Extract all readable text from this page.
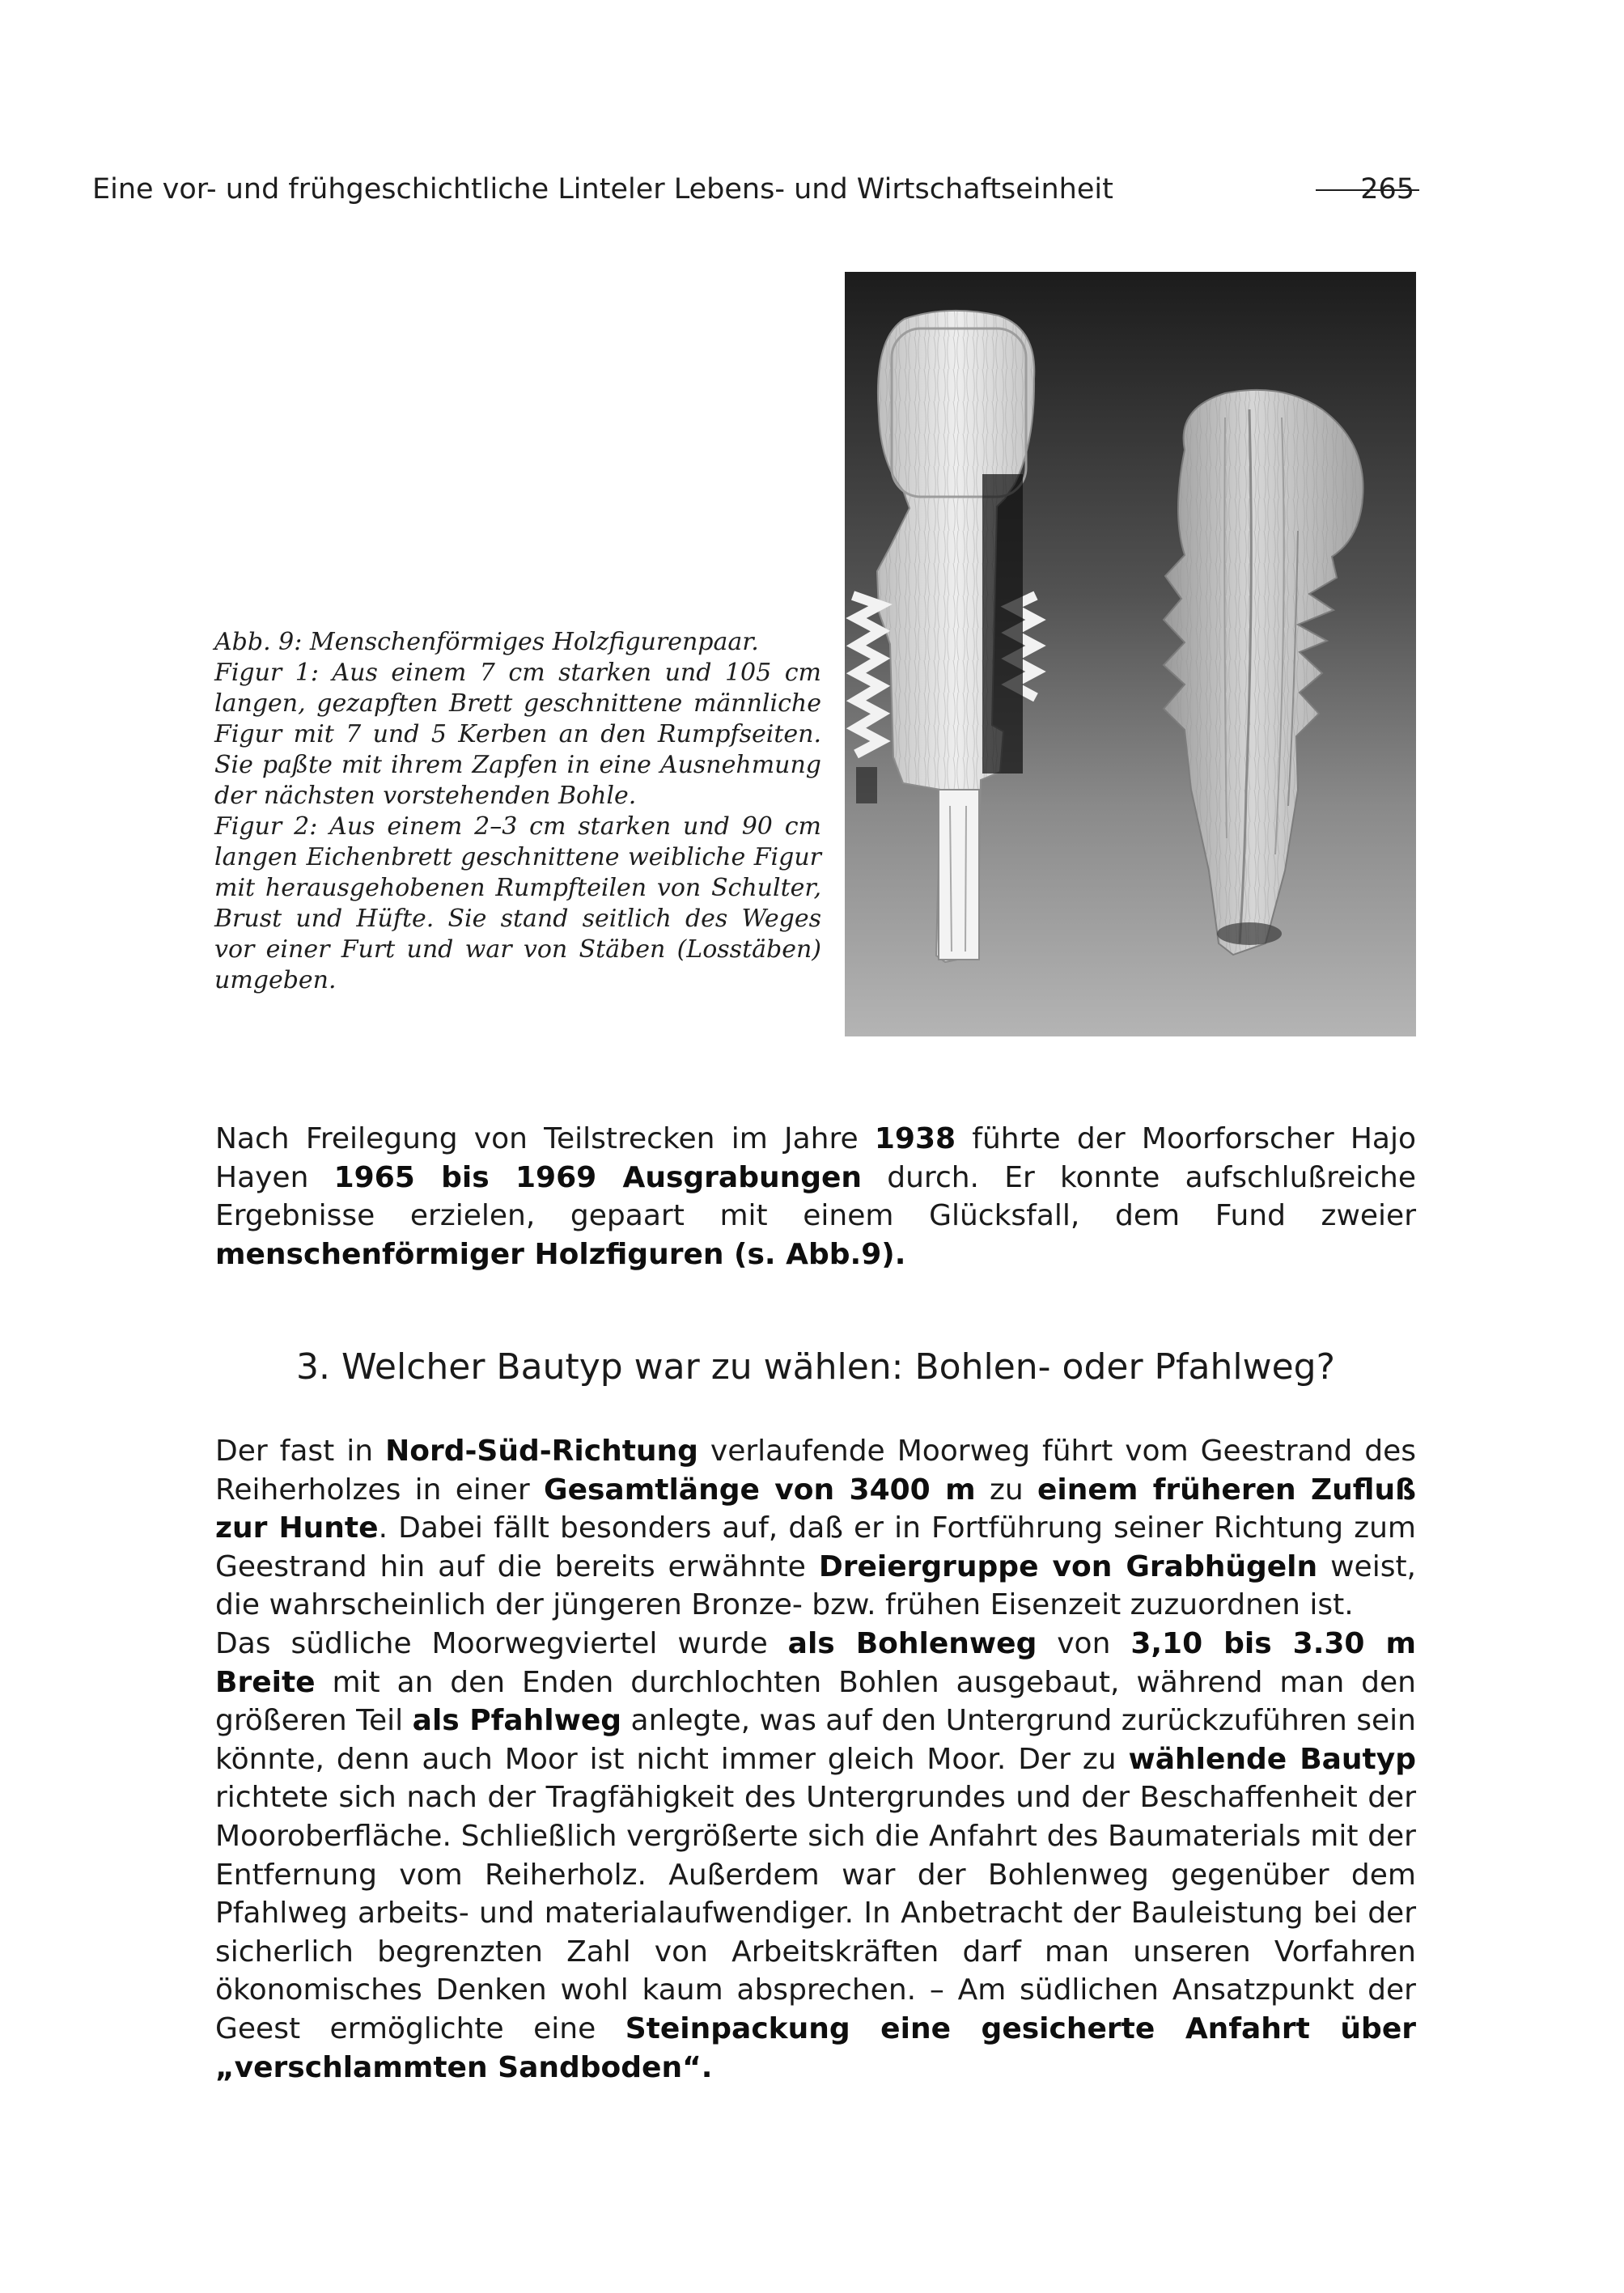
Eine vor- und frühgeschichtliche Linteler Lebens- und Wirtschaftseinheit	265

Abb. 9: Menschenförmiges Holzfigurenpaar.

Figur 1: Aus einem 7 cm starken und 105 cm langen, gezapften Brett geschnittene männliche Figur mit 7 und 5 Kerben an den Rumpfseiten. Sie paßte mit ihrem Zapfen in eine Ausnehmung der nächsten vorstehenden Bohle.

Figur 2: Aus einem 2–3 cm starken und 90 cm langen Eichenbrett geschnittene weibliche Figur mit herausgehobenen Rumpfteilen von Schulter, Brust und Hüfte. Sie stand seitlich des Weges vor einer Furt und war von Stäben (Losstäben) umgeben.

Nach Freilegung von Teilstrecken im Jahre 1938 führte der Moorforscher Hajo Hayen 1965 bis 1969 Ausgrabungen durch. Er konnte aufschlußreiche Ergebnisse erzielen, gepaart mit einem Glücksfall, dem Fund zweier menschenförmiger Holzfiguren (s. Abb.9).

3. Welcher Bautyp war zu wählen: Bohlen- oder Pfahlweg?

Der fast in Nord-Süd-Richtung verlaufende Moorweg führt vom Geestrand des Reiherholzes in einer Gesamtlänge von 3400 m zu einem früheren Zufluß zur Hunte. Dabei fällt besonders auf, daß er in Fortführung seiner Richtung zum Geestrand hin auf die bereits erwähnte Dreiergruppe von Grabhügeln weist, die wahrscheinlich der jüngeren Bronze- bzw. frühen Eisenzeit zuzuordnen ist.

Das südliche Moorwegviertel wurde als Bohlenweg von 3,10 bis 3.30 m Breite mit an den Enden durchlochten Bohlen ausgebaut, während man den größeren Teil als Pfahlweg anlegte, was auf den Untergrund zurückzuführen sein könnte, denn auch Moor ist nicht immer gleich Moor. Der zu wählende Bautyp richtete sich nach der Tragfähigkeit des Untergrundes und der Beschaffenheit der Mooroberfläche. Schließlich vergrößerte sich die Anfahrt des Baumaterials mit der Entfernung vom Reiherholz. Außerdem war der Bohlenweg gegenüber dem Pfahlweg arbeits- und materialaufwendiger. In Anbetracht der Bauleistung bei der sicherlich begrenzten Zahl von Arbeitskräften darf man unseren Vorfahren ökonomisches Denken wohl kaum absprechen. – Am südlichen Ansatzpunkt der Geest ermöglichte eine Steinpackung eine gesicherte Anfahrt über „verschlammten Sandboden“.
